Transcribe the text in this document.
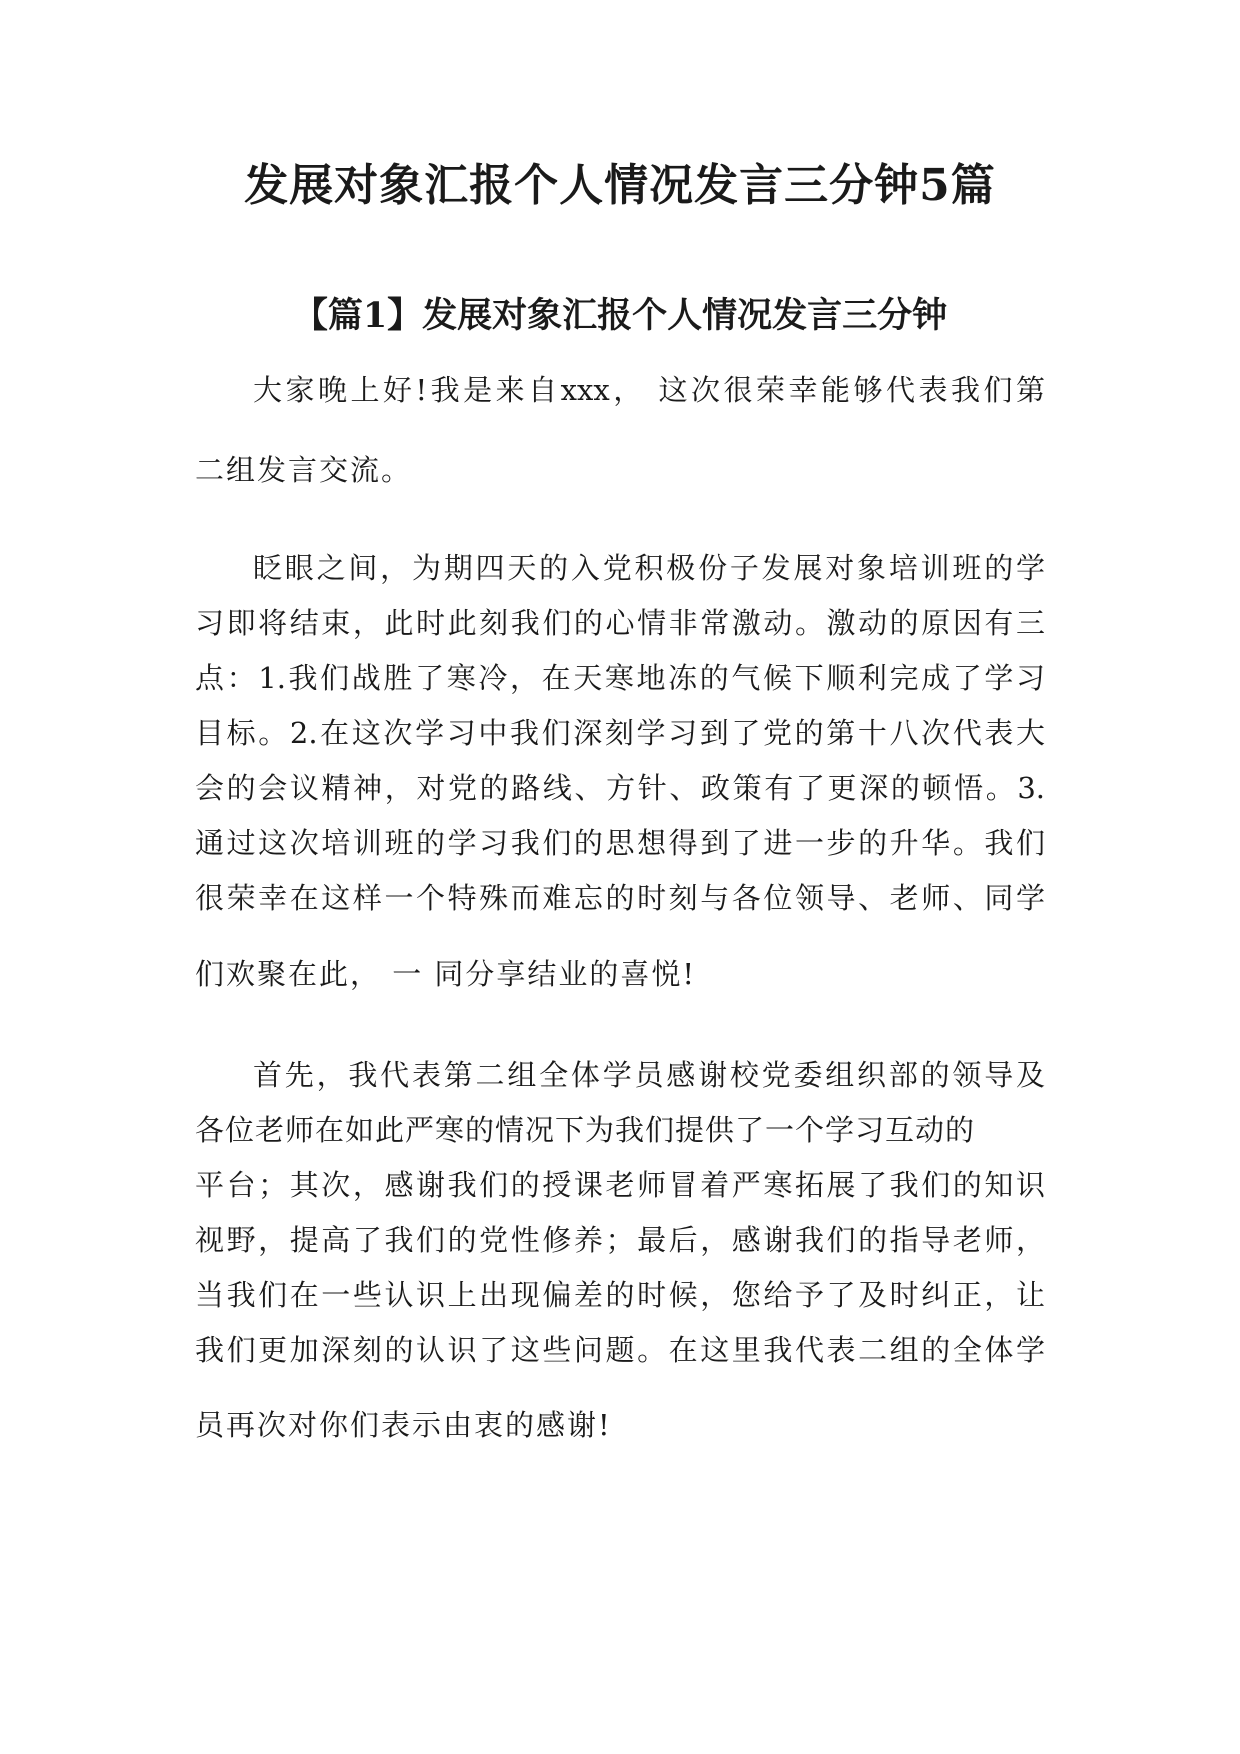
发展对象汇报个人情况发言三分钟5篇
【篇1】发展对象汇报个人情况发言三分钟
大家晚上好!我是来自xxx， 这次很荣幸能够代表我们第
二组发言交流。
眨眼之间，为期四天的入党积极份子发展对象培训班的学
习即将结束，此时此刻我们的心情非常激动。激动的原因有三
点：1.我们战胜了寒冷，在天寒地冻的气候下顺利完成了学习
目标。2.在这次学习中我们深刻学习到了党的第十八次代表大
会的会议精神，对党的路线、方针、政策有了更深的顿悟。3.
通过这次培训班的学习我们的思想得到了进一步的升华。我们
很荣幸在这样一个特殊而难忘的时刻与各位领导、老师、同学
们欢聚在此， 一 同分享结业的喜悦!
首先，我代表第二组全体学员感谢校党委组织部的领导及
各位老师在如此严寒的情况下为我们提供了一个学习互动的
平台；其次，感谢我们的授课老师冒着严寒拓展了我们的知识
视野，提高了我们的党性修养；最后，感谢我们的指导老师，
当我们在一些认识上出现偏差的时候，您给予了及时纠正，让
我们更加深刻的认识了这些问题。在这里我代表二组的全体学
员再次对你们表示由衷的感谢!
